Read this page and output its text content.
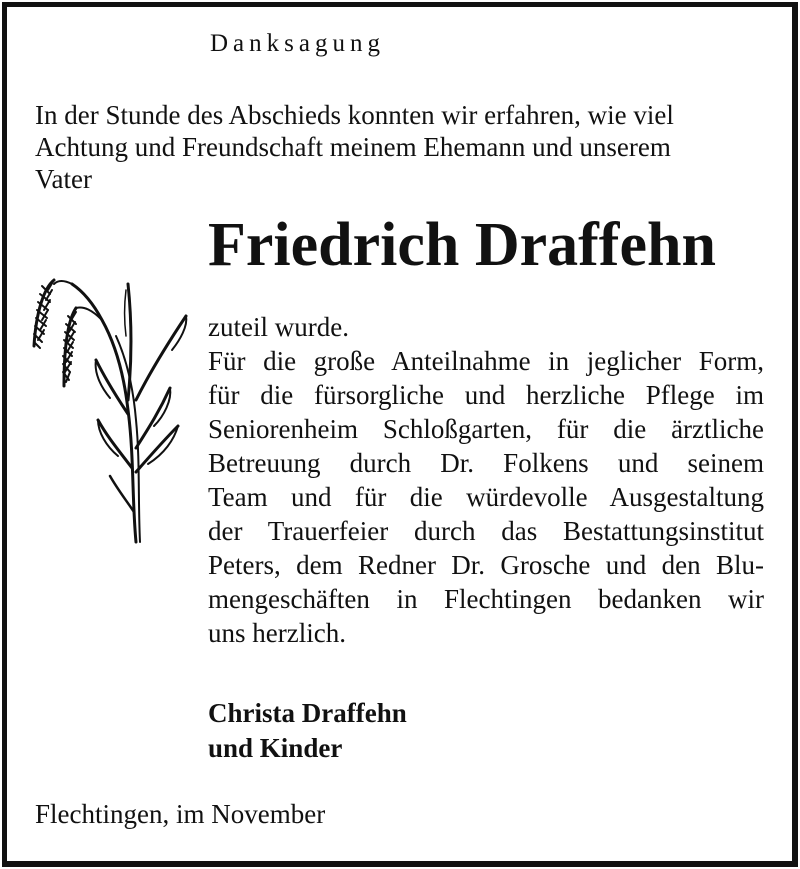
Danksagung

In der Stunde des Abschieds konnten wir erfahren, wie viel
Achtung und Freundschaft meinem Ehemann und unserem
Vater

Friedrich Draffehn

zuteil wurde.
Für die große Anteilnahme in jeglicher Form,
für die fürsorgliche und herzliche Pflege im
Seniorenheim Schloßgarten, für die ärztliche
Betreuung durch Dr. Folkens und seinem
Team und für die würdevolle Ausgestaltung
der Trauerfeier durch das Bestattungsinstitut
Peters, dem Redner Dr. Grosche und den Blu-
mengeschäften in Flechtingen bedanken wir
uns herzlich.

Christa Draffehn
und Kinder
Flechtingen, im November
